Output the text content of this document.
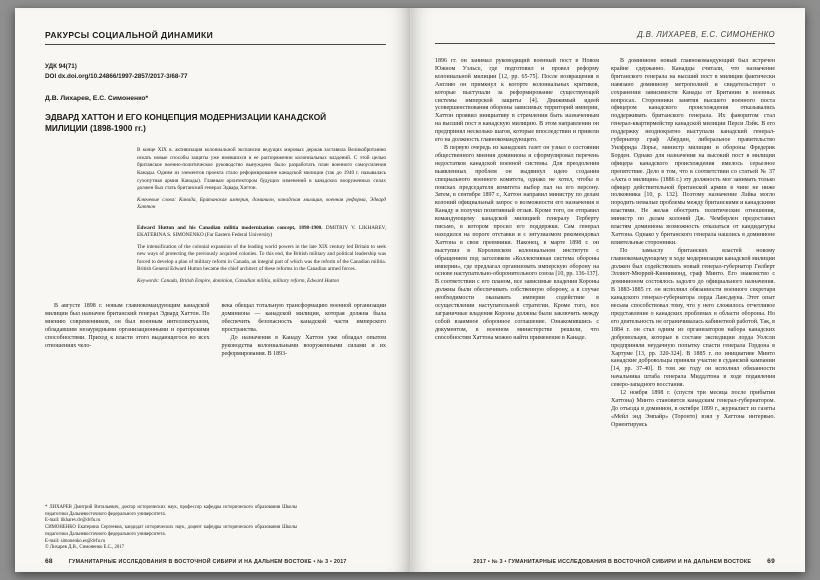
РАКУРСЫ СОЦИАЛЬНОЙ ДИНАМИКИ
УДК 94(71)
DOI dx.doi.org/10.24866/1997-2857/2017-3/68-77
Д.В. Лихарев, Е.С. Симоненко*
ЭДВАРД ХАТТОН И ЕГО КОНЦЕПЦИЯ МОДЕРНИЗАЦИИ КАНАДСКОЙ МИЛИЦИИ (1898-1900 гг.)

В конце XIX в. активизация колониальной экспансии ведущих мировых держав заставила Великобританию искать новые способы защиты уже имевшихся в ее распоряжении колониальных владений. С этой целью британское военно-политическое руководство вынуждено было разработать план военного самоусиления Канады. Одним из элементов проекта стало реформирование канадской милиции (так до 1940 г. называлась сухопутная армия Канады). Главным архитектором будущих изменений в канадских вооруженных силах должен был стать британский генерал Эдвард Хаттон.

Ключевые слова: Канада, Британская империя, доминион, канадская милиция, военная реформа, Эдвард Хаттон

Edward Hutton and his Canadian militia modernization concept, 1898-1900. DMITRIY V. LIKHAREV, EKATERINA S. SIMONENKO (Far Eastern Federal University)

The intensification of the colonial expansion of the leading world powers in the late XIX century led Britain to seek new ways of protecting the previously acquired colonies. To this end, the British military and political leadership was forced to develop a plan of military reform in Canada, an integral part of which was the reform of the Canadian militia. British General Edward Hutton became the chief architect of these reforms in the Canadian armed forces.

Keywords: Canada, British Empire, dominion, Canadian militia, military reform, Edward Hutton

В августе 1898 г. новым главнокомандующим канадской милиции был назначен британский генерал Эдвард Хаттон. По мнению современников, он был военным интеллектуалом, обладавшим незаурядными организационными и ораторскими способностями. Приход к власти этого выдающегося во всех отношениях чело-

века обещал тотальную трансформацию военной организации доминиона — канадской милиции, которая должна была обеспечить безопасность канадской части имперского пространства.

До назначения в Канаду Хаттон уже обладал опытом руководства колониальными вооруженными силами и их реформирования. В 1893-

* ЛИХАРЕВ Дмитрий Витальевич, доктор исторических наук, профессор кафедры исторического образования Школы педагогики Дальневосточного федерального университета.
E-mail: likharev.dv@dvfu.ru
СИМОНЕНКО Екатерина Сергеевна, кандидат исторических наук, доцент кафедры исторического образования Школы педагогики Дальневосточного федерального университета.
E-mail: simonenko.es@dvfu.ru
© Лихарев Д.В., Симоненко Е.С., 2017
68	ГУМАНИТАРНЫЕ ИССЛЕДОВАНИЯ В ВОСТОЧНОЙ СИБИРИ И НА ДАЛЬНЕМ ВОСТОКЕ • № 3 • 2017
Д.В. ЛИХАРЕВ, Е.С. СИМОНЕНКО

1896 гг. он занимал руководящий военный пост в Новом Южном Уэльсе, где подготовил и провел реформу колониальной милиции [12, pp. 65-75]. После возвращения в Англию он примкнул к когорте колониальных критиков, которые выступали за реформирование существующей системы имперской защиты [4]. Движимый идеей усовершенствования обороны зависимых территорий империи, Хаттон проявил инициативу в стремлении быть назначенным на высший пост в канадскую милицию. В этом направлении он предпринял несколько шагов, которые впоследствии и привели его на должность главнокомандующего.

В первую очередь из канадских газет он узнал о состоянии общественного мнения доминиона и сформулировал перечень недостатков канадской военной системы. Для преодоления выявленных проблем он выдвинул идею создания специального военного комитета, однако не хотел, чтобы в поисках председателя комитета выбор пал на его персону. Затем, в сентябре 1897 г., Хаттон направил министру по делам колоний официальный запрос о возможности его назначения в Канаду и получил позитивный отзыв. Кроме того, он отправил командующему канадской милицией генералу Герберту письмо, в котором просил его поддержки. Сам генерал находился на пороге отставки и с энтузиазмом рекомендовал Хаттона в свои преемники. Наконец, в марте 1898 г. он выступил в Королевском колониальном институте с обращением под заголовком «Коллективная система обороны империи», где предлагал организовать имперскую оборону на основе наступательно-оборонительного союза [10, pp. 136-137]. В соответствии с его планом, все зависимые владения Короны должны были обеспечивать собственную оборону, а в случае необходимости оказывать империи содействие в осуществлении наступательной стратегии. Кроме того, все заграничные владения Короны должны были заключить между собой взаимное оборонное соглашение. Ознакомившись с документом, в военном министерстве решили, что способностям Хаттона можно найти применение в Канаде.

В доминионе новый главнокомандующий был встречен крайне сдержанно. Канадцы считали, что назначение британского генерала на высший пост в милиции фактически навязано доминиону метрополией и свидетельствует о сохранении зависимости Канады от Британии в военных вопросах. Сторонники занятия высшего военного поста офицером канадского происхождения отказывались поддерживать британского генерала. Их фаворитом стал генерал-квартирмейстер канадской милиции Перси Лэйк. В его поддержку неоднократно выступали канадский генерал-губернатор граф Абердин, либеральное правительство Уилфрида Лорье, министр милиции и обороны Фредерик Борден. Однако для назначения на высокий пост в милиции офицера канадского происхождения имелось серьезное препятствие. Дело в том, что в соответствии со статьей № 37 «Акта о милиции» (1886 г.) эту должность мог занимать только офицер действительной британской армии в чине не ниже полковника [10, p. 132]. Поэтому назначение Лэйка могло породить немалые проблемы между британскими и канадскими властями. Не желая обострять политические отношения, министр по делам колоний Дж. Чемберлен предоставил властям доминиона возможность отказаться от кандидатуры Хаттона. Однако у британского генерала нашлись в доминионе влиятельные сторонники.

По замыслу британских властей новому главнокомандующему в ходе модернизации канадской милиции должен был содействовать новый генерал-губернатор Гилберт Эллиот-Мюррей-Кининмонд, граф Минто. Его знакомство с доминионом состоялось задолго до официального назначения. В 1883-1885 гг. он исполнял обязанности военного секретаря канадского генерал-губернатора лорда Лансдауна. Этот опыт весьма способствовал тому, что у него сложилось отчетливое представление о канадских проблемах в области обороны. Но его деятельность не ограничивалась кабинетной работой. Так, в 1884 г. он стал одним из организаторов набора канадских добровольцев, которые в составе экспедиции лорда Уолсли предприняли неудачную попытку спасти генерала Гордона в Хартуме [13, pp. 320-324]. В 1885 г. по инициативе Минто канадские добровольцы приняли участие в суданской кампании [14, pp. 37-40]. В том же году он исполнял обязанности начальника штаба генерала Миддлтона в ходе подавления северо-западного восстания.

12 ноября 1898 г. (спустя три месяца после прибытия Хаттона) Минто становится канадским генерал-губернатором. До отъезда в доминион, в октябре 1899 г., журналист из газеты «Мейл энд Эмпайр» (Торонто) взял у Хаттона интервью. Ориентируясь

2017 • № 3 • ГУМАНИТАРНЫЕ ИССЛЕДОВАНИЯ В ВОСТОЧНОЙ СИБИРИ И НА ДАЛЬНЕМ ВОСТОКЕ 69
